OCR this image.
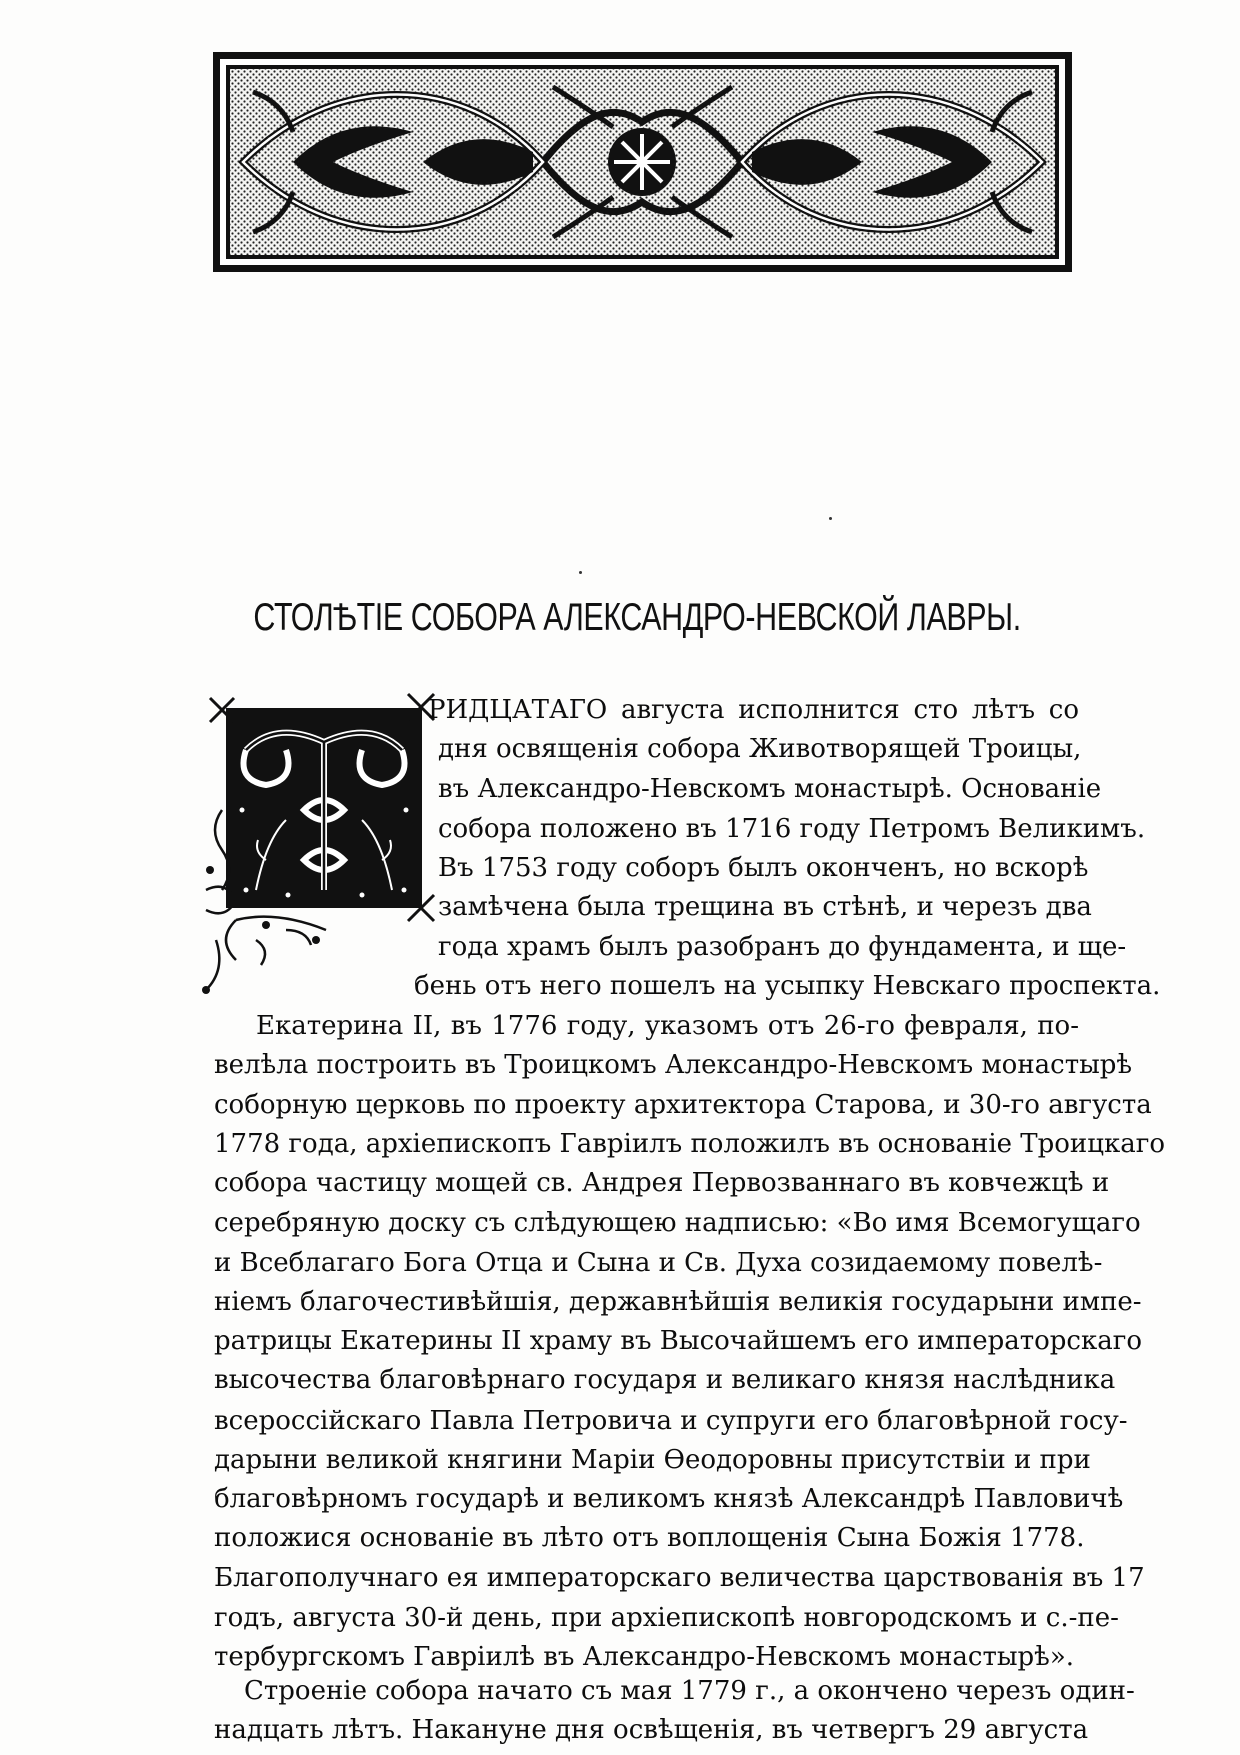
СТОЛѢТІЕ СОБОРА АЛЕКСАНДРО-НЕВСКОЙ ЛАВРЫ.
РИДЦАТАГО августа исполнится сто лѣтъ со
дня освященія собора Животворящей Троицы,
въ Александро-Невскомъ монастырѣ. Основаніе
собора положено въ 1716 году Петромъ Великимъ.
Въ 1753 году соборъ былъ оконченъ, но вскорѣ
замѣчена была трещина въ стѣнѣ, и черезъ два
года храмъ былъ разобранъ до фундамента, и ще-
бень отъ него пошелъ на усыпку Невскаго проспекта.
Екатерина II, въ 1776 году, указомъ отъ 26-го февраля, по-
велѣла построить въ Троицкомъ Александро-Невскомъ монастырѣ
соборную церковь по проекту архитектора Старова, и 30-го августа
1778 года, архіепископъ Гавріилъ положилъ въ основаніе Троицкаго
собора частицу мощей св. Андрея Первозваннаго въ ковчежцѣ и
серебряную доску съ слѣдующею надписью: «Во имя Всемогущаго
и Всеблагаго Бога Отца и Сына и Св. Духа созидаемому повелѣ-
ніемъ благочестивѣйшія, державнѣйшія великія государыни импе-
ратрицы Екатерины II храму въ Высочайшемъ его императорскаго
высочества благовѣрнаго государя и великаго князя наслѣдника
всероссійскаго Павла Петровича и супруги его благовѣрной госу-
дарыни великой княгини Маріи Ѳеодоровны присутствіи и при
благовѣрномъ государѣ и великомъ князѣ Александрѣ Павловичѣ
положися основаніе въ лѣто отъ воплощенія Сына Божія 1778.
Благополучнаго ея императорскаго величества царствованія въ 17
годъ, августа 30-й день, при архіепископѣ новгородскомъ и с.-пе-
тербургскомъ Гавріилѣ въ Александро-Невскомъ монастырѣ».
Строеніе собора начато съ мая 1779 г., а окончено черезъ один-
надцать лѣтъ. Накануне дня освѣщенія, въ четвергъ 29 августа
